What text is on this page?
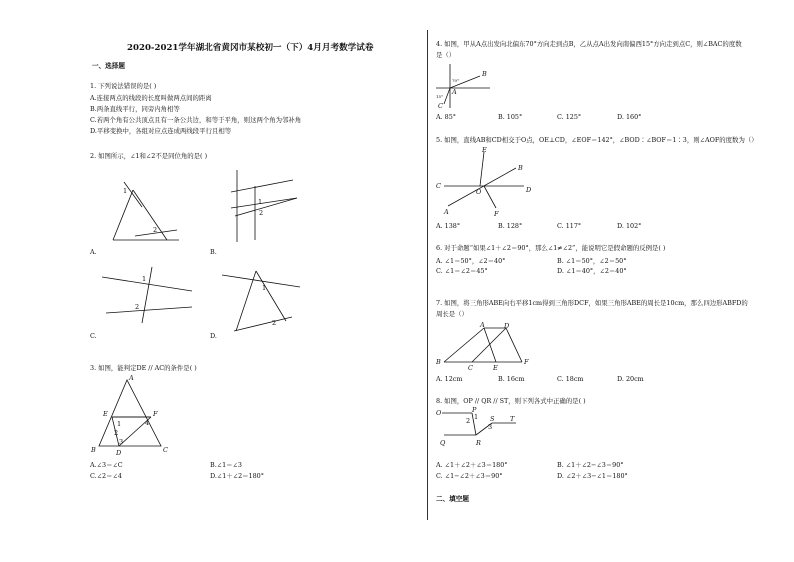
2020-2021学年湖北省黄冈市某校初一（下）4月月考数学试卷
一、选择题
1. 下列说法错误的是( )
A.连接两点的线段的长度叫做两点间的距离
B.两条直线平行，同旁内角相等
C.若两个角有公共顶点且有一条公共边，和等于平角，则这两个角为邻补角
D.平移变换中，各组对应点连成两线段平行且相等
2. 如图所示，∠1和∠2不是同位角的是( )
1
2
A.
1
2
B.
1
2
C.
1
2
D.
3. 如图，能判定DE // AC的条件是( )
A
B	C
D
E	F
1
2
3
4
A.∠3＝∠C	B.∠1＝∠3
C.∠2＝∠4	D.∠1＋∠2＝180°
4. 如图，甲从A点出发向北偏东70°方向走到点B，乙从点A出发向南偏西15°方向走到点C，则∠BAC的度数
是（）
B
A
C
70°
15°
A. 85°	B. 105°	C. 125°	D. 160°
5. 如图，直线AB和CD相交于O点，OE⊥CD，∠EOF＝142°，∠BOD∶∠BOF＝1∶3，则∠AOF的度数为（）
C	D
B
A
E
F
O
A. 138°	B. 128°	C. 117°	D. 102°
6. 对于命题“如果∠1＋∠2＝90°，那么∠1≠∠2”，能说明它是假命题的反例是( )
A. ∠1＝50°，∠2＝40°	B. ∠1＝50°，∠2＝50°
C. ∠1＝∠2＝45°	D. ∠1＝40°，∠2＝40°
7. 如图，将三角形ABE向右平移1cm得到三角形DCF，如果三角形ABE的周长是10cm，那么四边形ABFD的
周长是（）
A	D
B
C	E
F
A. 12cm	B. 16cm	C. 18cm	D. 20cm
8. 如图，OP // QR // ST，则下列各式中正确的是( )
O	P
Q	R
S T
1
2
3
A. ∠1＋∠2＋∠3＝180°	B. ∠1＋∠2−∠3＝90°
C. ∠1−∠2＋∠3＝90°	D. ∠2＋∠3−∠1＝180°
二、填空题
